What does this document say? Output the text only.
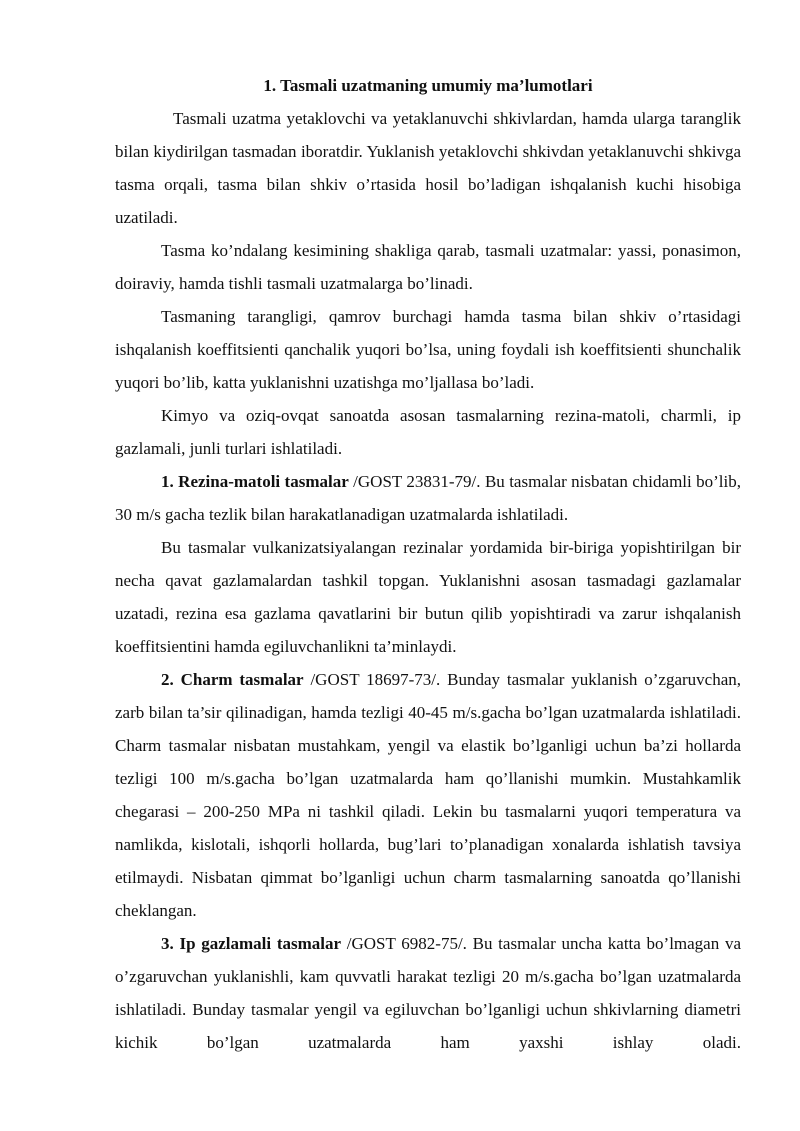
1. Tasmali uzatmaning umumiy ma’lumotlari

Tasmali uzatma yetaklovchi va yetaklanuvchi shkivlardan, hamda ularga taranglik bilan kiydirilgan tasmadan iboratdir. Yuklanish yetaklovchi shkivdan yetaklanuvchi shkivga tasma orqali, tasma bilan shkiv o’rtasida hosil bo’ladigan ishqalanish kuchi hisobiga uzatiladi.

Tasma ko’ndalang kesimining shakliga qarab, tasmali uzatmalar: yassi, ponasimon, doiraviy, hamda tishli tasmali uzatmalarga bo’linadi.

Tasmaning tarangligi, qamrov burchagi hamda tasma bilan shkiv o’rtasidagi ishqalanish koeffitsienti qanchalik yuqori bo’lsa, uning foydali ish koeffitsienti shunchalik yuqori bo’lib, katta yuklanishni uzatishga mo’ljallasa bo’ladi.

Kimyo va oziq-ovqat sanoatda asosan tasmalarning rezina-matoli, charmli, ip gazlamali, junli turlari ishlatiladi.

1. Rezina-matoli tasmalar /GOST 23831-79/. Bu tasmalar nisbatan chidamli bo’lib, 30 m/s gacha tezlik bilan harakatlanadigan uzatmalarda ishlatiladi.

Bu tasmalar vulkanizatsiyalangan rezinalar yordamida bir-biriga yopishtirilgan bir necha qavat gazlamalardan tashkil topgan. Yuklanishni asosan tasmadagi gazlamalar uzatadi, rezina esa gazlama qavatlarini bir butun qilib yopishtiradi va zarur ishqalanish koeffitsientini hamda egiluvchanlikni ta’minlaydi.

2. Charm tasmalar /GOST 18697-73/. Bunday tasmalar yuklanish o’zgaruvchan, zarb bilan ta’sir qilinadigan, hamda tezligi 40-45 m/s.gacha bo’lgan uzatmalarda ishlatiladi. Charm tasmalar nisbatan mustahkam, yengil va elastik bo’lganligi uchun ba’zi hollarda tezligi 100 m/s.gacha bo’lgan uzatmalarda ham qo’llanishi mumkin. Mustahkamlik chegarasi – 200-250 MPa ni tashkil qiladi. Lekin bu tasmalarni yuqori temperatura va namlikda, kislotali, ishqorli hollarda, bug’lari to’planadigan xonalarda ishlatish tavsiya etilmaydi. Nisbatan qimmat bo’lganligi uchun charm tasmalarning sanoatda qo’llanishi cheklangan.

3. Ip gazlamali tasmalar /GOST 6982-75/. Bu tasmalar uncha katta bo’lmagan va o’zgaruvchan yuklanishli, kam quvvatli harakat tezligi 20 m/s.gacha bo’lgan uzatmalarda ishlatiladi. Bunday tasmalar yengil va egiluvchan bo’lganligi uchun shkivlarning diametri kichik bo’lgan uzatmalarda ham yaxshi ishlay oladi.
